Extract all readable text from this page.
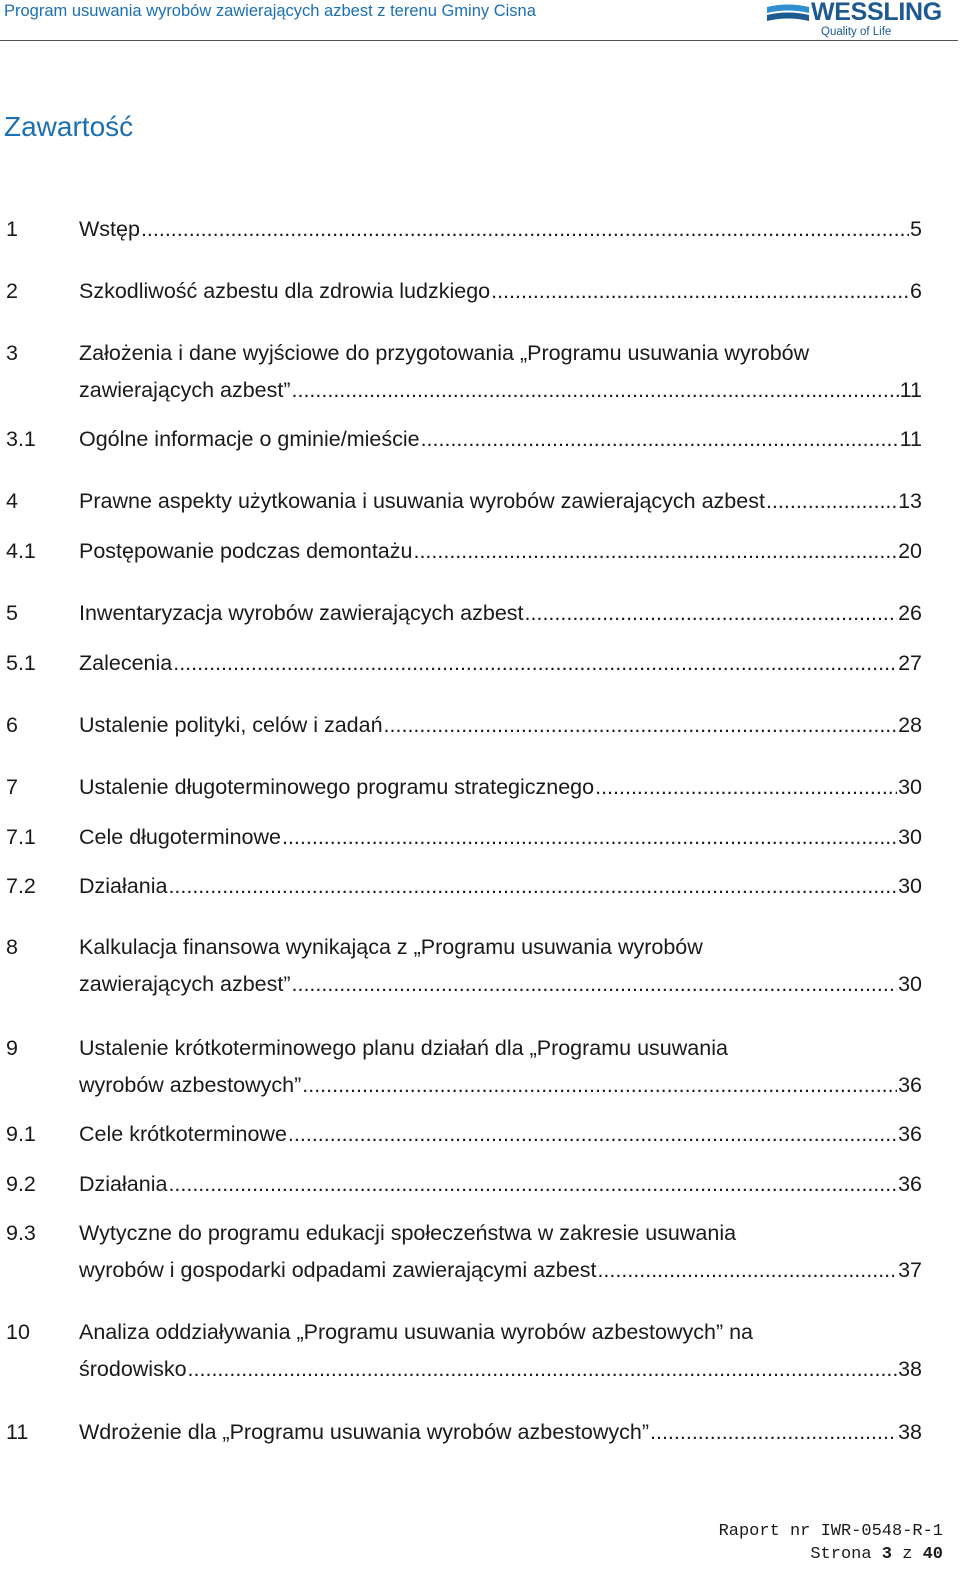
Program usuwania wyrobów zawierających azbest z terenu Gminy Cisna	WESSLING
Quality of Life
Zawartość
1	Wstęp .....	5
2	Szkodliwość azbestu dla zdrowia ludzkiego .....	6
3	Założenia i dane wyjściowe do przygotowania „Programu usuwania wyrobów
zawierających azbest” .....	11
3.1 Ogólne informacje o gminie/mieście .....	11
4	Prawne aspekty użytkowania i usuwania wyrobów zawierających azbest .....	13
4.1 Postępowanie podczas demontażu .....	20
5	Inwentaryzacja wyrobów zawierających azbest .....	26
5.1 Zalecenia .....	27
6	Ustalenie polityki, celów i zadań .....	28
7	Ustalenie długoterminowego programu strategicznego .....	30
7.1 Cele długoterminowe .....	30
7.2 Działania .....	30
8	Kalkulacja finansowa wynikająca z „Programu usuwania wyrobów
zawierających azbest” .....	30
9	Ustalenie krótkoterminowego planu działań dla „Programu usuwania
wyrobów azbestowych” .....	36
9.1 Cele krótkoterminowe .....	36
9.2 Działania .....	36
9.3 Wytyczne do programu edukacji społeczeństwa w zakresie usuwania
wyrobów i gospodarki odpadami zawierającymi azbest .....	37
10 Analiza oddziaływania „Programu usuwania wyrobów azbestowych” na
środowisko .....	38
11 Wdrożenie dla „Programu usuwania wyrobów azbestowych” .....	38
Raport nr IWR-0548-R-1
Strona 3 z 40
